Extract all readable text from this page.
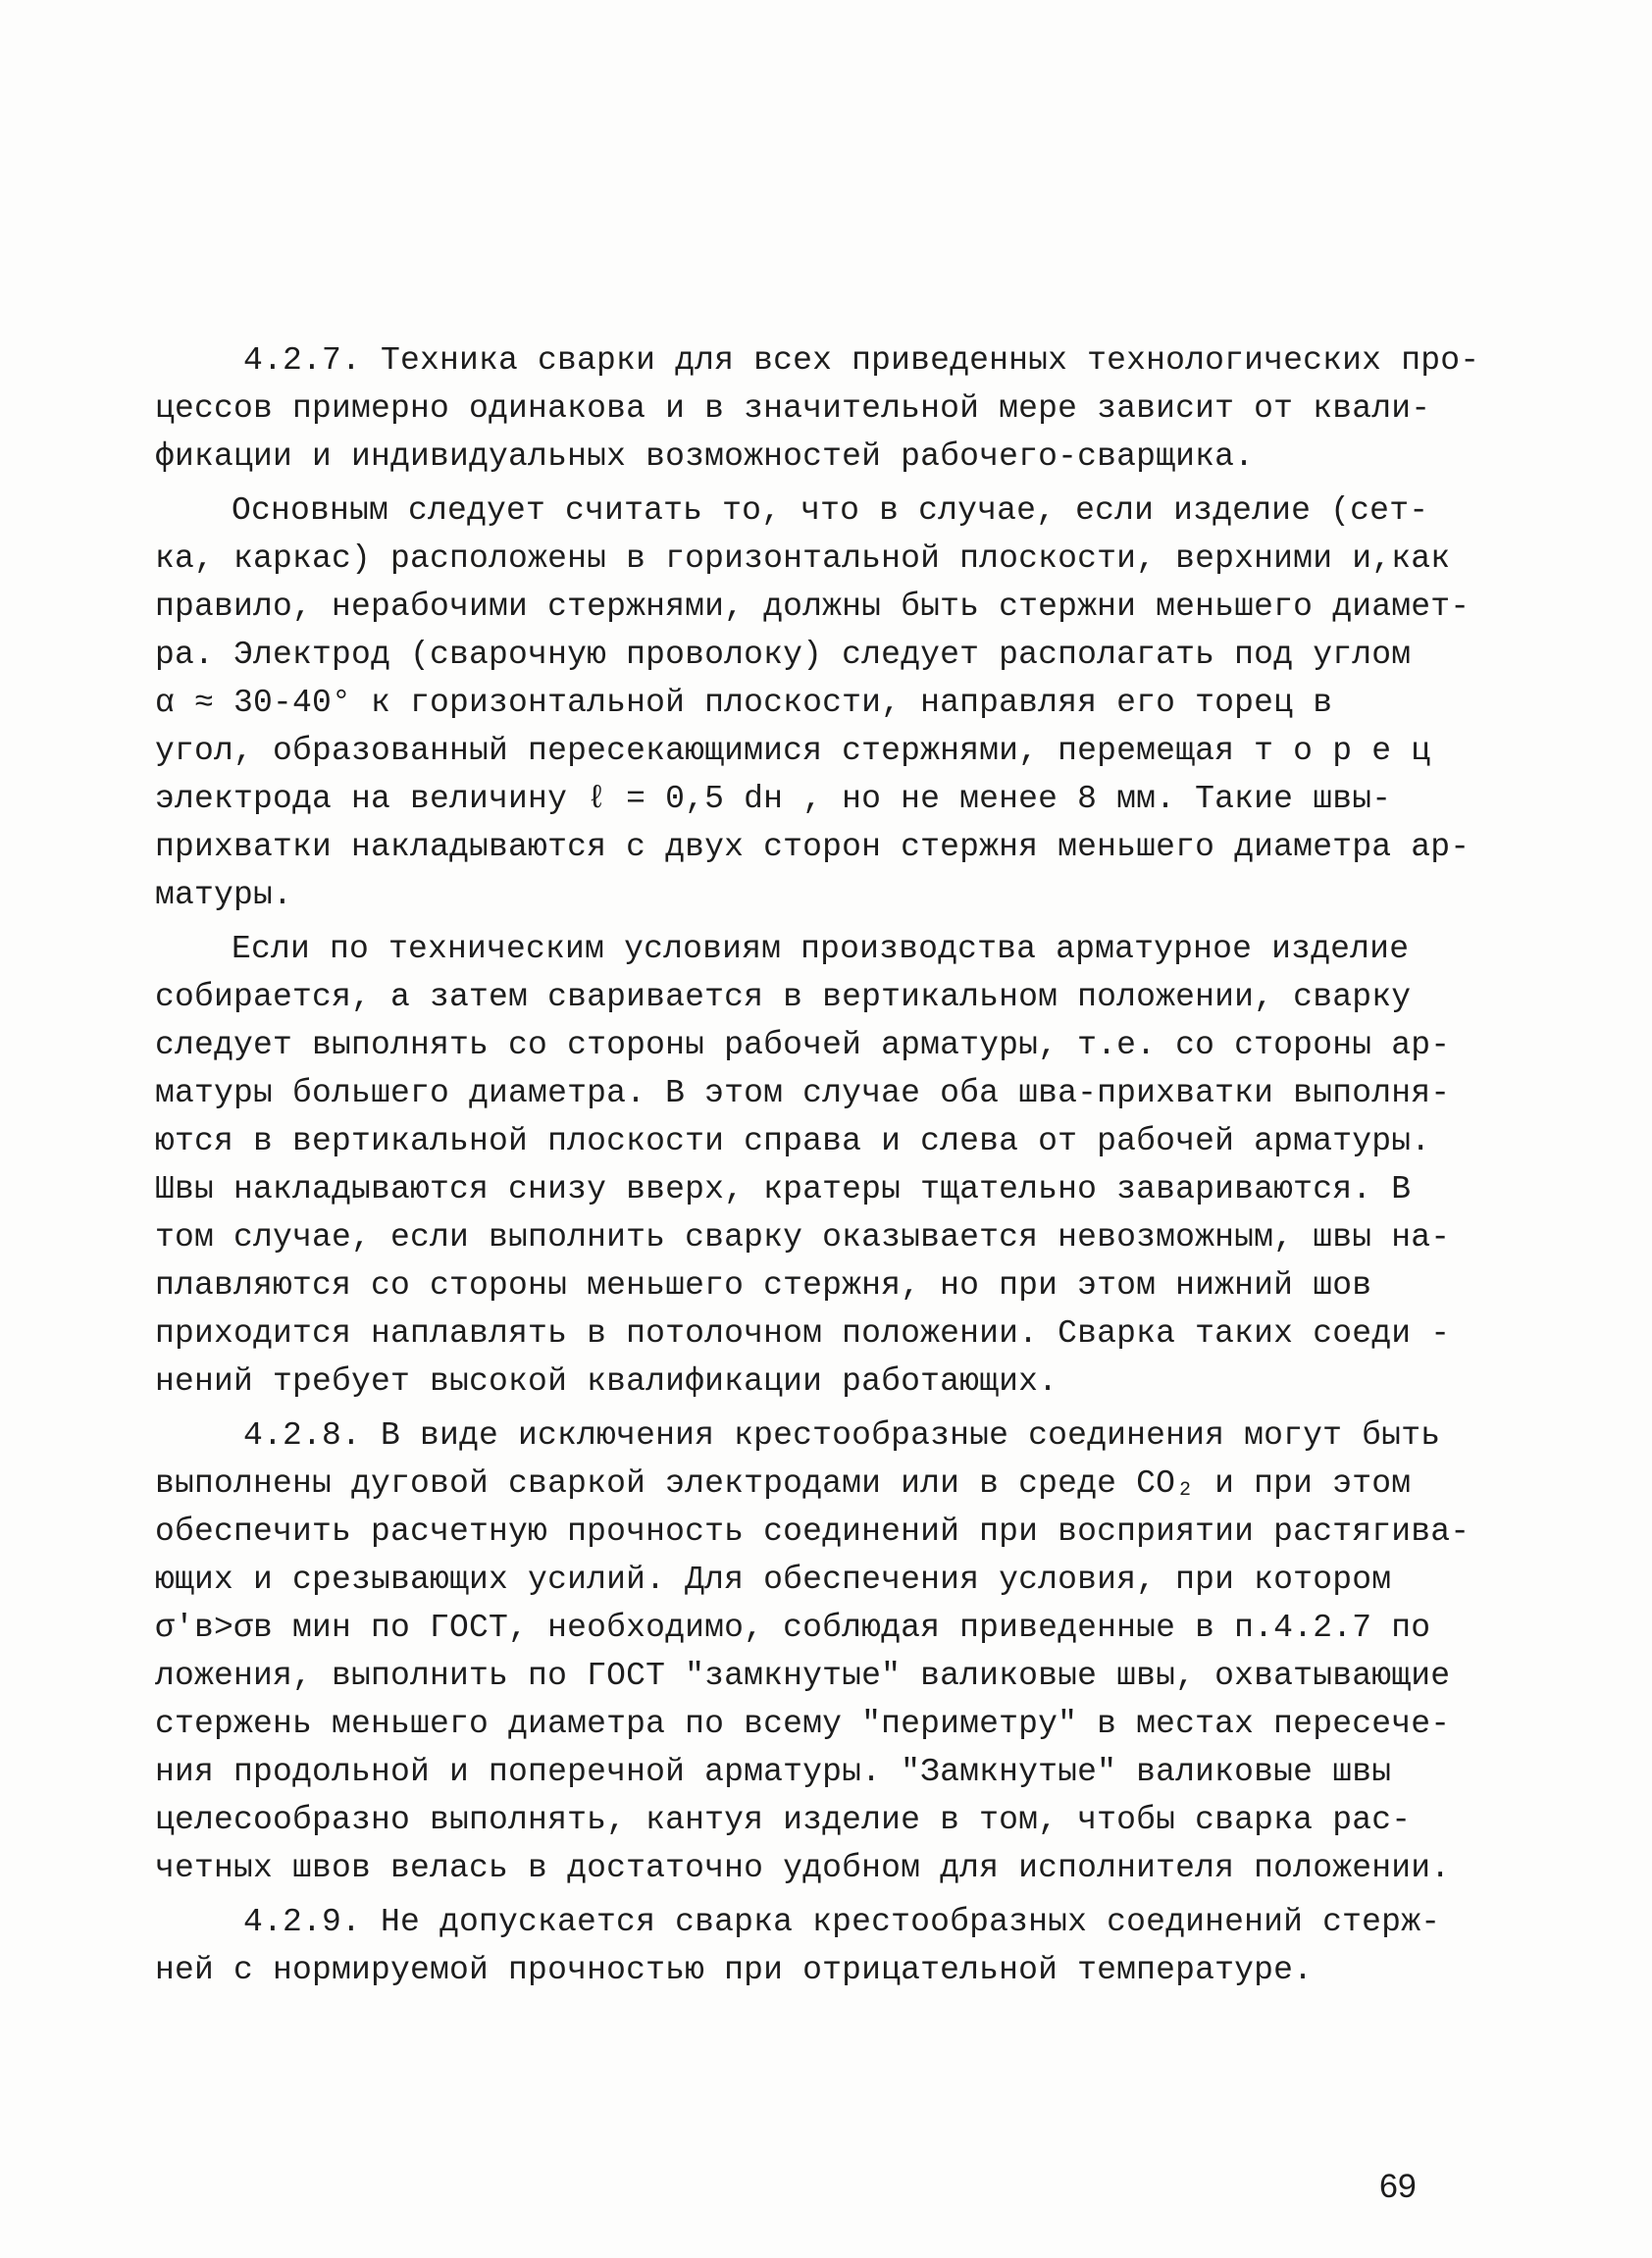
4.2.7. Техника сварки для всех приведенных технологических про-
цессов примерно одинакова и в значительной мере зависит от квали-
фикации и индивидуальных возможностей рабочего-сварщика.
Основным следует считать то, что в случае, если изделие (сет-
ка, каркас) расположены в горизонтальной плоскости, верхними и,как
правило, нерабочими стержнями, должны быть стержни меньшего диамет-
ра. Электрод (сварочную проволоку) следует располагать под углом
α ≈ 30-40° к горизонтальной плоскости, направляя его торец в
угол, образованный пересекающимися стержнями, перемещая т о р е ц
электрода на величину ℓ = 0,5 dн , но не менее 8 мм. Такие швы-
прихватки накладываются с двух сторон стержня меньшего диаметра ар-
матуры.
Если по техническим условиям производства арматурное изделие
собирается, а затем сваривается в вертикальном положении, сварку
следует выполнять со стороны рабочей арматуры, т.е. со стороны ар-
матуры большего диаметра. В этом случае оба шва-прихватки выполня-
ются в вертикальной плоскости справа и слева от рабочей арматуры.
Швы накладываются снизу вверх, кратеры тщательно завариваются. В
том случае, если выполнить сварку оказывается невозможным, швы на-
плавляются со стороны меньшего стержня, но при этом нижний шов
приходится наплавлять в потолочном положении. Сварка таких соеди -
нений требует высокой квалификации работающих.
4.2.8. В виде исключения крестообразные соединения могут быть
выполнены дуговой сваркой электродами или в среде CO₂ и при этом
обеспечить расчетную прочность соединений при восприятии растягива-
ющих и срезывающих усилий. Для обеспечения условия, при котором
σ'в>σв мин по ГОСТ, необходимо, соблюдая приведенные в п.4.2.7 по
ложения, выполнить по ГОСТ "замкнутые" валиковые швы, охватывающие
стержень меньшего диаметра по всему "периметру" в местах пересече-
ния продольной и поперечной арматуры. "Замкнутые" валиковые швы
целесообразно выполнять, кантуя изделие в том, чтобы сварка рас-
четных швов велась в достаточно удобном для исполнителя положении.
4.2.9. Не допускается сварка крестообразных соединений стерж-
ней с нормируемой прочностью при отрицательной температуре.
69
